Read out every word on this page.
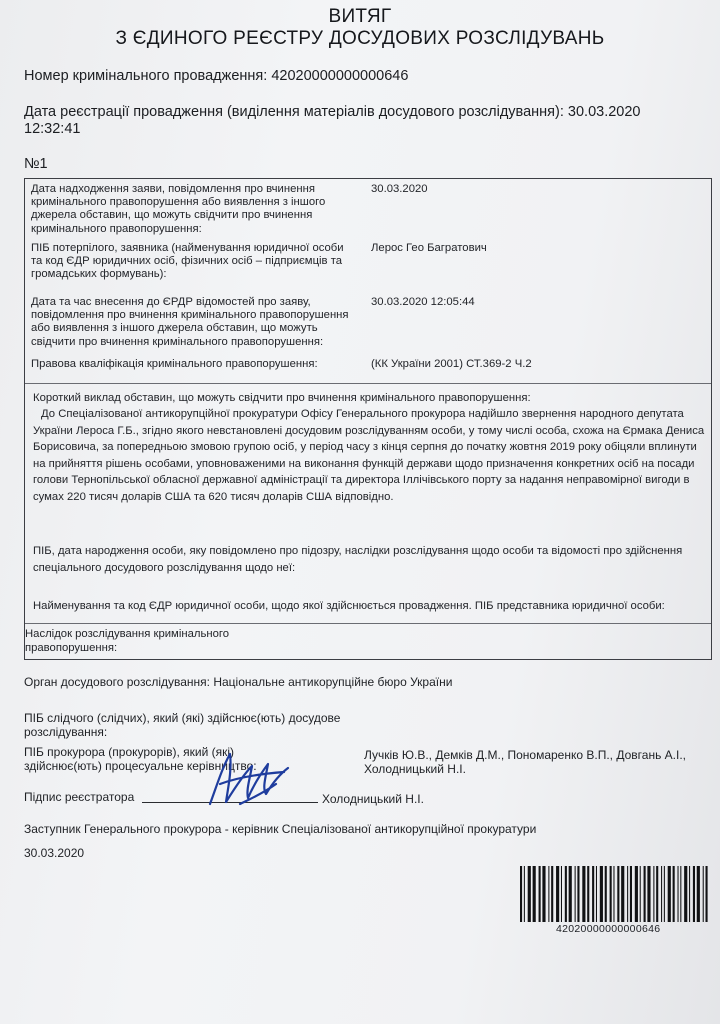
ВИТЯГ
З ЄДИНОГО РЕЄСТРУ ДОСУДОВИХ РОЗСЛІДУВАНЬ
Номер кримінального провадження: 42020000000000646
Дата реєстрації провадження (виділення матеріалів досудового розслідування): 30.03.2020 12:32:41
№1
Дата надходження заяви, повідомлення про вчинення кримінального правопорушення або виявлення з іншого джерела обставин, що можуть свідчити про вчинення кримінального правопорушення:
30.03.2020
ПІБ потерпілого, заявника (найменування юридичної особи та код ЄДР юридичних осіб, фізичних осіб – підприємців та громадських формувань):
Лерос Гео Багратович
Дата та час внесення до ЄРДР відомостей про заяву, повідомлення про вчинення кримінального правопорушення або виявлення з іншого джерела обставин, що можуть свідчити про вчинення кримінального правопорушення:
30.03.2020 12:05:44
Правова кваліфікація кримінального правопорушення:	(КК України 2001) СТ.369-2 Ч.2
Короткий виклад обставин, що можуть свідчити про вчинення кримінального правопорушення:
До Спеціалізованої антикорупційної прокуратури Офісу Генерального прокурора надійшло звернення народного депутата України Лероса Г.Б., згідно якого невстановлені досудовим розслідуванням особи, у тому числі особа, схожа на Єрмака Дениса Борисовича, за попередньою змовою групою осіб, у період часу з кінця серпня до початку жовтня 2019 року обіцяли вплинути на прийняття рішень особами, уповноваженими на виконання функцій держави щодо призначення конкретних осіб на посади голови Тернопільської обласної державної адміністрації та директора Іллічівського порту за надання неправомірної вигоди в сумах 220 тисяч доларів США та 620 тисяч доларів США відповідно.
ПІБ, дата народження особи, яку повідомлено про підозру, наслідки розслідування щодо особи та відомості про здійснення спеціального досудового розслідування щодо неї:
Найменування та код ЄДР юридичної особи, щодо якої здійснюється провадження. ПІБ представника юридичної особи:
Наслідок розслідування кримінального правопорушення:
Орган досудового розслідування: Національне антикорупційне бюро України
ПІБ слідчого (слідчих), який (які) здійснює(ють) досудове розслідування:
ПІБ прокурора (прокурорів), який (які) здійснює(ють) процесуальне керівництво:
Лучків Ю.В., Демків Д.М., Пономаренко В.П., Довгань А.І., Холодницький Н.І.
Підпис реєстратора	Холодницький Н.І.
Заступник Генерального прокурора - керівник Спеціалізованої антикорупційної прокуратури
30.03.2020
42020000000000646
